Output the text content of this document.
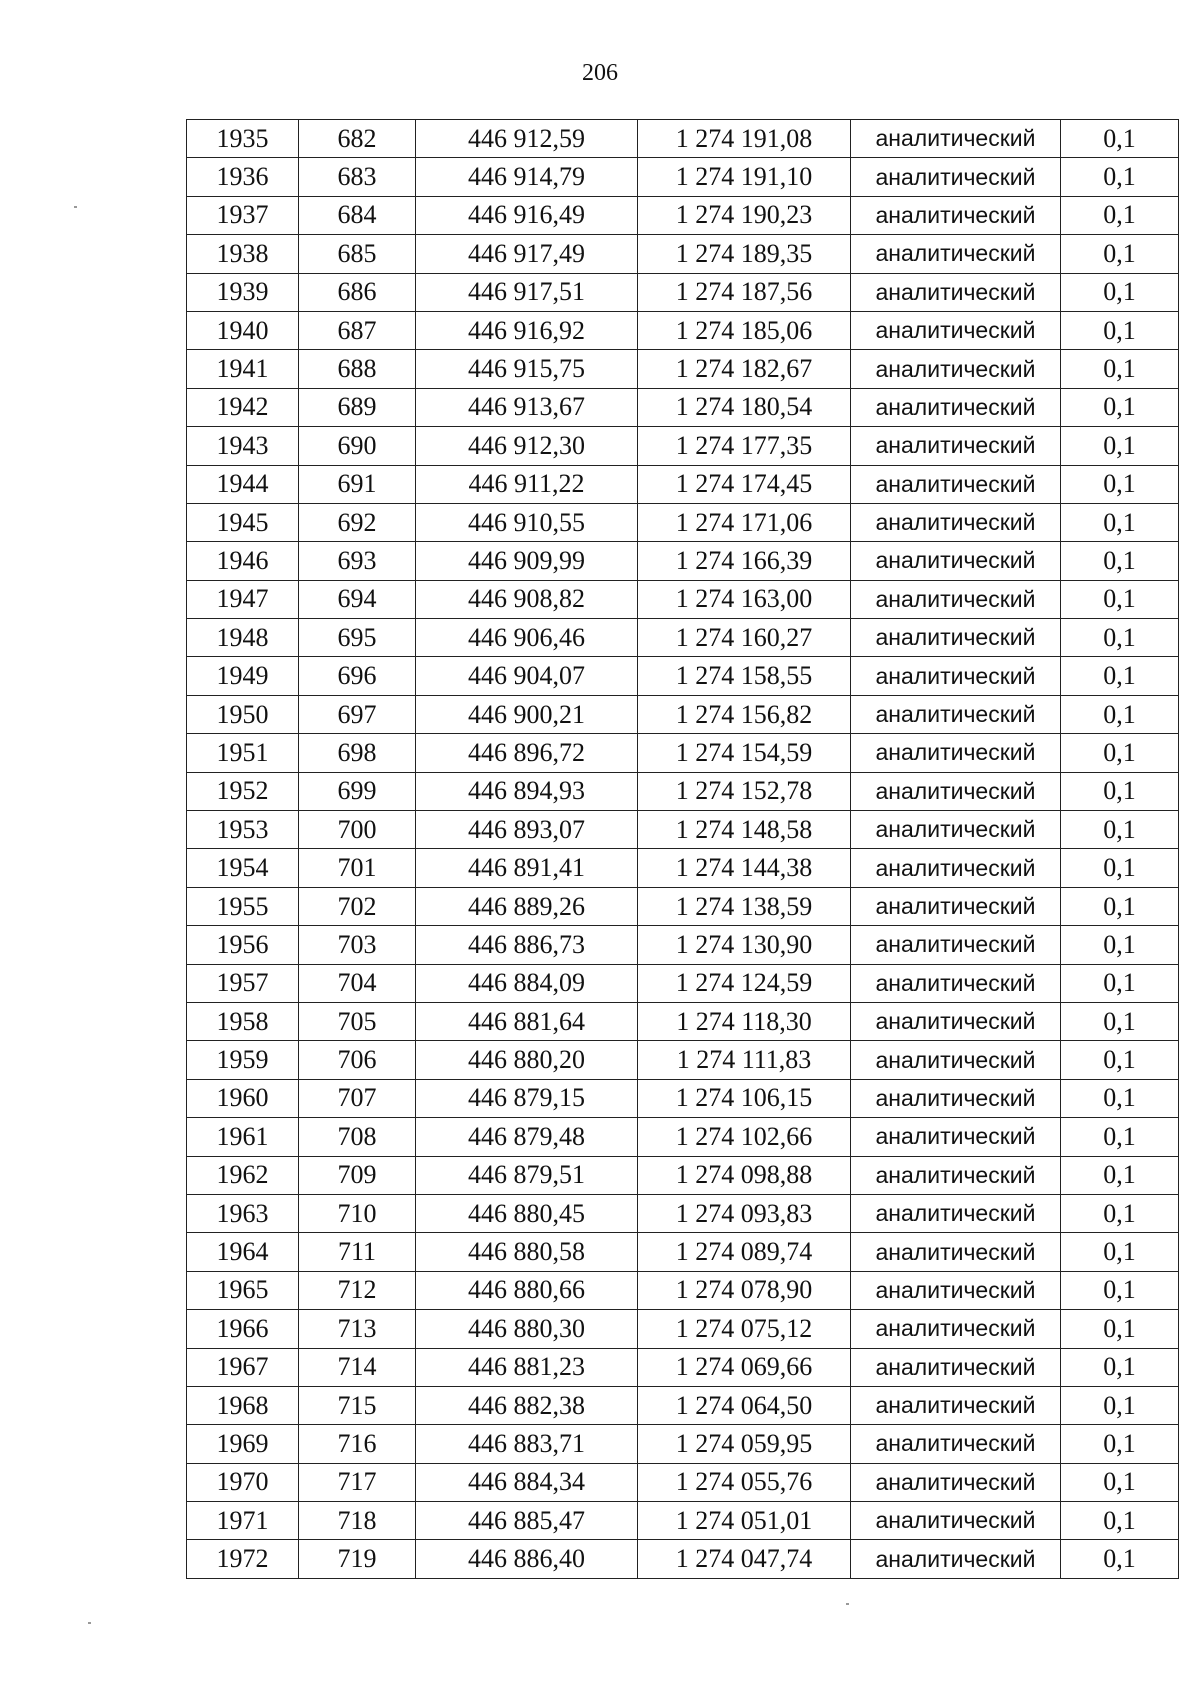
206
1935	682	446 912,59	1 274 191,08	аналитический	0,1
1936	683	446 914,79	1 274 191,10	аналитический	0,1
1937	684	446 916,49	1 274 190,23	аналитический	0,1
1938	685	446 917,49	1 274 189,35	аналитический	0,1
1939	686	446 917,51	1 274 187,56	аналитический	0,1
1940	687	446 916,92	1 274 185,06	аналитический	0,1
1941	688	446 915,75	1 274 182,67	аналитический	0,1
1942	689	446 913,67	1 274 180,54	аналитический	0,1
1943	690	446 912,30	1 274 177,35	аналитический	0,1
1944	691	446 911,22	1 274 174,45	аналитический	0,1
1945	692	446 910,55	1 274 171,06	аналитический	0,1
1946	693	446 909,99	1 274 166,39	аналитический	0,1
1947	694	446 908,82	1 274 163,00	аналитический	0,1
1948	695	446 906,46	1 274 160,27	аналитический	0,1
1949	696	446 904,07	1 274 158,55	аналитический	0,1
1950	697	446 900,21	1 274 156,82	аналитический	0,1
1951	698	446 896,72	1 274 154,59	аналитический	0,1
1952	699	446 894,93	1 274 152,78	аналитический	0,1
1953	700	446 893,07	1 274 148,58	аналитический	0,1
1954	701	446 891,41	1 274 144,38	аналитический	0,1
1955	702	446 889,26	1 274 138,59	аналитический	0,1
1956	703	446 886,73	1 274 130,90	аналитический	0,1
1957	704	446 884,09	1 274 124,59	аналитический	0,1
1958	705	446 881,64	1 274 118,30	аналитический	0,1
1959	706	446 880,20	1 274 111,83	аналитический	0,1
1960	707	446 879,15	1 274 106,15	аналитический	0,1
1961	708	446 879,48	1 274 102,66	аналитический	0,1
1962	709	446 879,51	1 274 098,88	аналитический	0,1
1963	710	446 880,45	1 274 093,83	аналитический	0,1
1964	711	446 880,58	1 274 089,74	аналитический	0,1
1965	712	446 880,66	1 274 078,90	аналитический	0,1
1966	713	446 880,30	1 274 075,12	аналитический	0,1
1967	714	446 881,23	1 274 069,66	аналитический	0,1
1968	715	446 882,38	1 274 064,50	аналитический	0,1
1969	716	446 883,71	1 274 059,95	аналитический	0,1
1970	717	446 884,34	1 274 055,76	аналитический	0,1
1971	718	446 885,47	1 274 051,01	аналитический	0,1
1972	719	446 886,40	1 274 047,74	аналитический	0,1
